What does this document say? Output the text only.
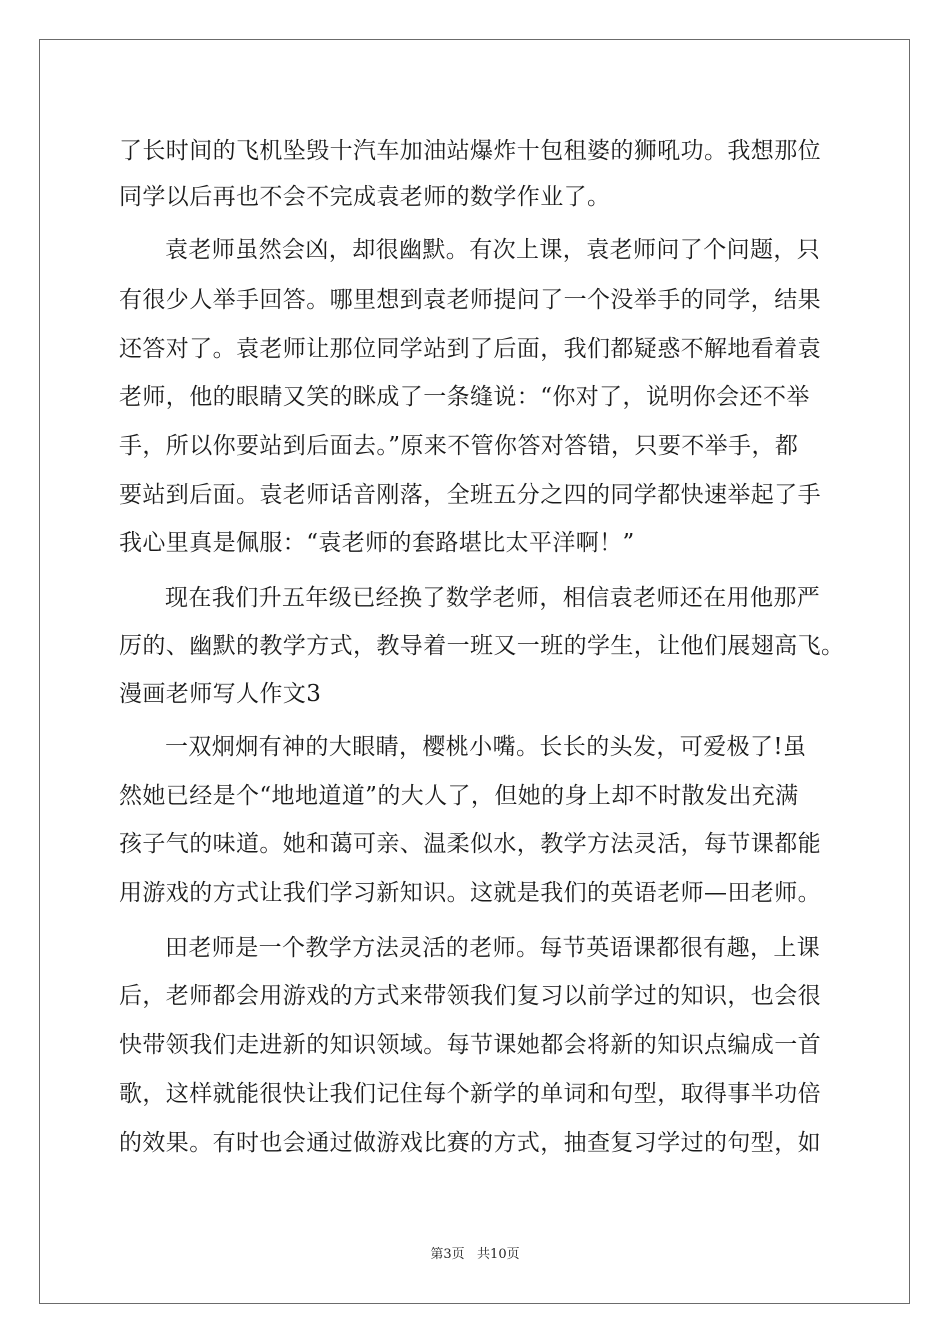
了长时间的飞机坠毁十汽车加油站爆炸十包租婆的狮吼功。我想那位
同学以后再也不会不完成袁老师的数学作业了。
袁老师虽然会凶，却很幽默。有次上课，袁老师问了个问题，只
有很少人举手回答。哪里想到袁老师提问了一个没举手的同学，结果
还答对了。袁老师让那位同学站到了后面，我们都疑惑不解地看着袁
老师，他的眼睛又笑的眯成了一条缝说：“你对了，说明你会还不举
手，所以你要站到后面去。”原来不管你答对答错，只要不举手，都
要站到后面。袁老师话音刚落，全班五分之四的同学都快速举起了手
我心里真是佩服：“袁老师的套路堪比太平洋啊！”
现在我们升五年级已经换了数学老师，相信袁老师还在用他那严
厉的、幽默的教学方式，教导着一班又一班的学生，让他们展翅高飞。
漫画老师写人作文3
一双炯炯有神的大眼睛，樱桃小嘴。长长的头发，可爱极了!虽
然她已经是个“地地道道”的大人了，但她的身上却不时散发出充满
孩子气的味道。她和蔼可亲、温柔似水，教学方法灵活，每节课都能
用游戏的方式让我们学习新知识。这就是我们的英语老师—田老师。
田老师是一个教学方法灵活的老师。每节英语课都很有趣，上课
后，老师都会用游戏的方式来带领我们复习以前学过的知识，也会很
快带领我们走进新的知识领域。每节课她都会将新的知识点编成一首
歌，这样就能很快让我们记住每个新学的单词和句型，取得事半功倍
的效果。有时也会通过做游戏比赛的方式，抽查复习学过的句型，如
第3页   共10页
